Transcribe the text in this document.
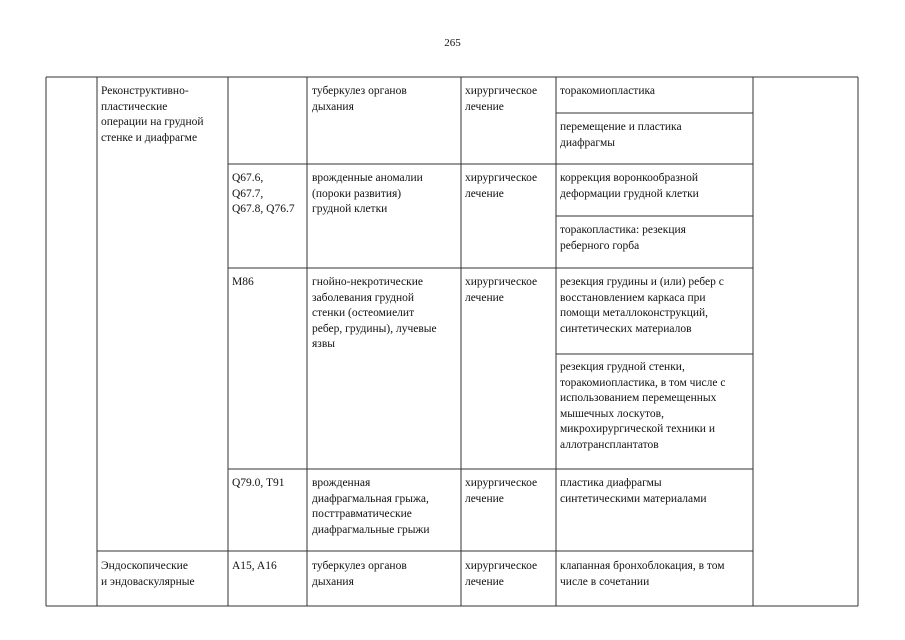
265
Реконструктивно-
пластические
операции на грудной
стенке и диафрагме
туберкулез органов
дыхания
хирургическое
лечение
торакомиопластика
перемещение и пластика
диафрагмы
Q67.6,
Q67.7,
Q67.8, Q76.7
врожденные аномалии
(пороки развития)
грудной клетки
хирургическое
лечение
коррекция воронкообразной
деформации грудной клетки
торакопластика: резекция
реберного горба
M86	гнойно-некротические
заболевания грудной
стенки (остеомиелит
ребер, грудины), лучевые
язвы
хирургическое
лечение
резекция грудины и (или) ребер с
восстановлением каркаса при
помощи металлоконструкций,
синтетических материалов
резекция грудной стенки,
торакомиопластика, в том числе с
использованием перемещенных
мышечных лоскутов,
микрохирургической техники и
аллотрансплантатов
Q79.0, T91 врожденная
диафрагмальная грыжа,
посттравматические
диафрагмальные грыжи
хирургическое
лечение
пластика диафрагмы
синтетическими материалами
Эндоскопические
и эндоваскулярные
A15, A16	туберкулез органов
дыхания
хирургическое
лечение
клапанная бронхоблокация, в том
числе в сочетании
